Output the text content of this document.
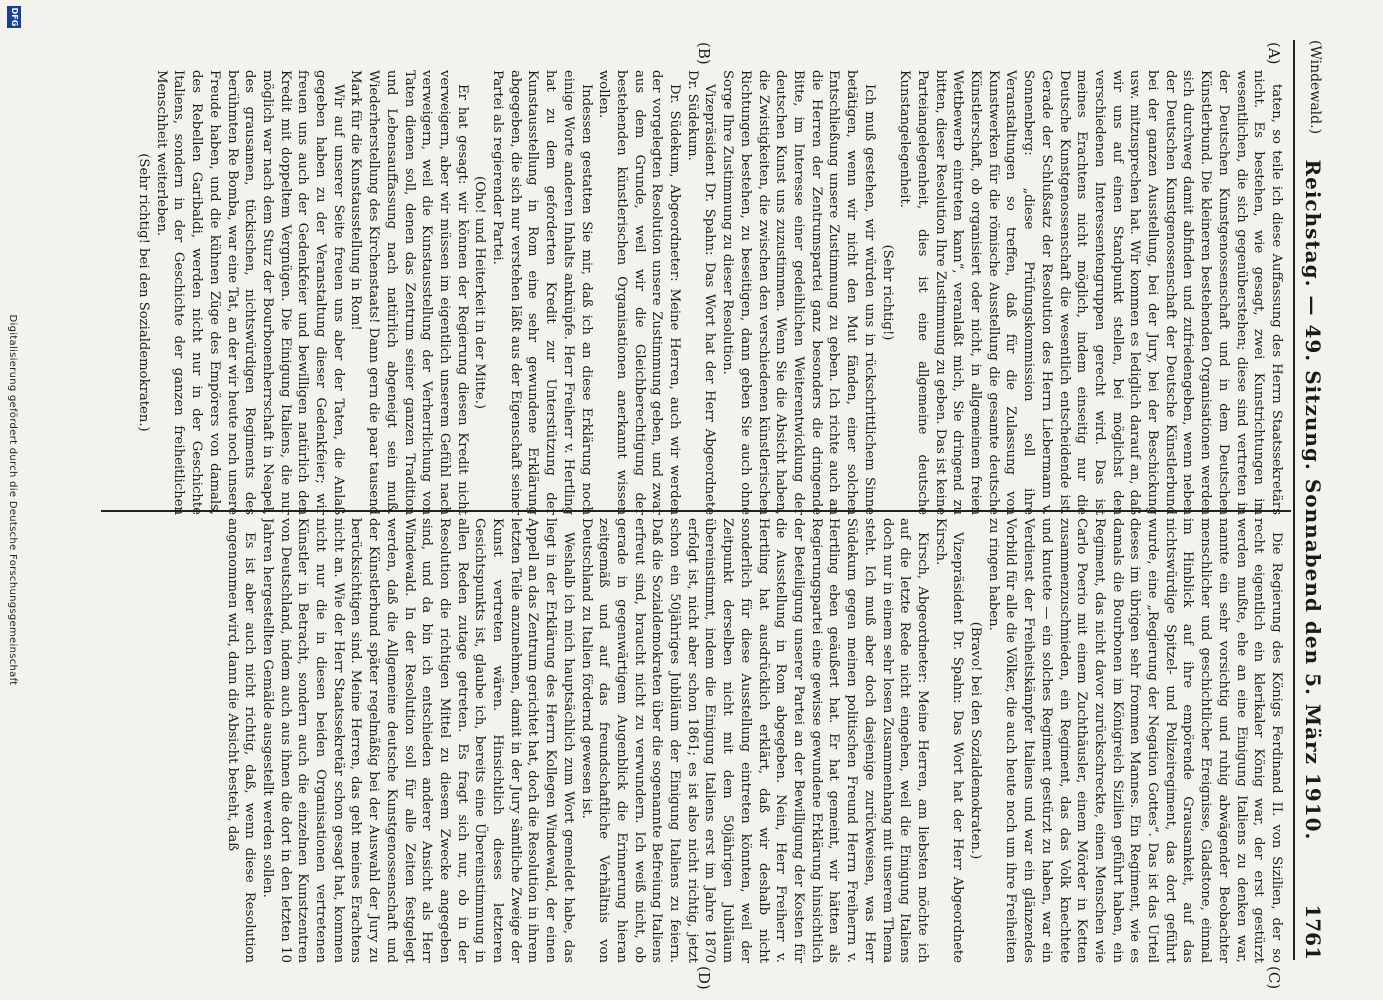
(Windewald.)
Reichstag. — 49. Sitzung. Sonnabend den 5. März 1910.
1761
(A)
(B)
(C)
(D)

taten, so teile ich diese Auffassung des Herrn Staatssekretärs nicht. Es bestehen, wie gesagt, zwei Kunstrichtungen im wesentlichen, die sich gegenüberstehen; diese sind vertreten in der Deutschen Kunstgenossenschaft und in dem Deutschen Künstlerbund. Die kleineren bestehenden Organisationen werden sich durchweg damit abfinden und zufriedengeben, wenn neben der Deutschen Kunstgenossenschaft der Deutsche Künstlerbund bei der ganzen Ausstellung, bei der Jury, bei der Beschickung usw. mitzusprechen hat. Wir kommen es lediglich darauf an, daß wir uns auf einen Standpunkt stellen, bei möglichst den verschiedenen Interessentengruppen gerecht wird. Das ist meines Erachtens nicht möglich, indem einseitig nur die Deutsche Kunstgenossenschaft die wesentlich entscheidende ist. Gerade der Schlußsatz der Resolution des Herrn Liebermann v. Sonnenberg: „diese Prüfungskommission soll ihre Veranstaltungen so treffen, daß für die Zulassung von Kunstwerken für die römische Ausstellung die gesamte deutsche Künstlerschaft, ob organisiert oder nicht, in allgemeinem freien Wettbewerb eintreten kann“, veranlaßt mich, Sie dringend zu bitten, dieser Resolution Ihre Zustimmung zu geben. Das ist keine Parteiangelegenheit, dies ist eine allgemeine deutsche Kunstangelegenheit.

(Sehr richtig!)

Ich muß gestehen, wir würden uns in rückschrittlichem Sinne betätigen, wenn wir nicht den Mut fänden, einer solchen Entschließung unsere Zustimmung zu geben. Ich richte auch an die Herren der Zentrumspartei ganz besonders die dringende Bitte, im Interesse einer gedeihlichen Weiterentwicklung der deutschen Kunst uns zuzustimmen. Wenn Sie die Absicht haben, die Zwistigkeiten, die zwischen den verschiedenen künstlerischen Richtungen bestehen, zu beseitigen, dann geben Sie auch ohne Sorge Ihre Zustimmung zu dieser Resolution.

Vizepräsident Dr. Spahn: Das Wort hat der Herr Abgeordnete Dr. Südekum.

Dr. Südekum, Abgeordneter: Meine Herren, auch wir werden der vorgelegten Resolution unsere Zustimmung geben, und zwar aus dem Grunde, weil wir die Gleichberechtigung der bestehenden künstlerischen Organisationen anerkannt wissen wollen.

Indessen gestatten Sie mir, daß ich an diese Erklärung noch einige Worte anderen Inhalts anknüpfe. Herr Freiherr v. Hertling hat zu dem geforderten Kredit zur Unterstützung der Kunstausstellung in Rom eine sehr gewundene Erklärung abgegeben, die sich nur verstehen läßt aus der Eigenschaft seiner Partei als regierender Partei.

(Oho! und Heiterkeit in der Mitte.)

Er hat gesagt: wir können der Regierung diesen Kredit nicht verweigern, aber wir müssen im eigentlich unserem Gefühl nach verweigern, weil die Kunstausstellung der Verherrlichung von Taten dienen soll, denen das Zentrum seiner ganzen Tradition und Lebensauffassung nach natürlich abgeneigt sein muß. Wiederherstellung des Kirchenstaats! Dann gern die paar tausend Mark für die Kunstausstellung in Rom!

Wir auf unserer Seite freuen uns aber der Taten, die Anlaß gegeben haben zu der Veranstaltung dieser Gedenkfeier; wir freuen uns auch der Gedenkfeier und bewilligen natürlich den Kredit mit doppeltem Vergnügen. Die Einigung Italiens, die nur möglich war nach dem Sturz der Bourbonenherrschaft in Neapel, des grausamen, tückischen, nichtswürdigen Regiments des berühmten Re Bomba, war eine Tat, an der wir heute noch unsere Freude haben, und die kühnen Züge des Empörers von damals, des Rebellen Garibaldi, werden nicht nur in der Geschichte Italiens, sondern in der Geschichte der ganzen freiheitlichen Menschheit weiterleben.

(Sehr richtig! bei den Sozialdemokraten.)

Die Regierung des Königs Ferdinand II. von Sizilien, der so recht eigentlich ein klerikaler König war, der erst gestürzt werden mußte, ehe an eine Einigung Italiens zu denken war, nannte ein sehr vorsichtig und ruhig abwägender Beobachter menschlicher und geschichtlicher Ereignisse, Gladstone, einmal im Hinblick auf ihre empörende Grausamkeit, auf das nichtswürdige Spitzel- und Polizeiregiment, das dort geführt wurde, eine „Regierung der Negation Gottes“. Das ist das Urteil dieses im übrigen sehr frommen Mannes. Ein Regiment, wie es damals die Bourbonen im Königreich Sizilien geführt haben, ein Regiment, das nicht davor zurückschreckte, einen Menschen wie Carlo Poerio mit einem Zuchthäusler, einem Mörder in Ketten zusammenzuschmieden, ein Regiment, das das Volk knechtete und knutete — ein solches Regiment gestürzt zu haben, war ein Verdienst der Freiheitskämpfer Italiens und war ein glänzendes Vorbild für alle die Völker, die auch heute noch um ihre Freiheiten zu ringen haben.

(Bravo! bei den Sozialdemokraten.)

Vizepräsident Dr. Spahn: Das Wort hat der Herr Abgeordnete Kirsch.

Kirsch, Abgeordneter: Meine Herren, am liebsten möchte ich auf die letzte Rede nicht eingehen, weil die Einigung Italiens doch nur in einem sehr losen Zusammenhang mit unserem Thema steht. Ich muß aber doch dasjenige zurückweisen, was Herr Südekum gegen meinen politischen Freund Herrn Freiherrn v. Hertling eben geäußert hat. Er hat gemeint, wir hätten als Regierungspartei eine gewisse gewundene Erklärung hinsichtlich der Beteiligung unserer Partei an der Bewilligung der Kosten für die Ausstellung in Rom abgegeben. Nein, Herr Freiherr v. Hertling hat ausdrücklich erklärt, daß wir deshalb nicht sonderlich für diese Ausstellung eintreten könnten, weil der Zeitpunkt derselben nicht mit dem 50jährigen Jubiläum übereinstimmt, indem die Einigung Italiens erst im Jahre 1870 erfolgt ist, nicht aber schon 1861; es ist also nicht richtig, jetzt schon ein 50jähriges Jubiläum der Einigung Italiens zu feiern. Daß die Sozialdemokraten über die sogenannte Befreiung Italiens erfreut sind, braucht nicht zu verwundern. Ich weiß nicht, ob gerade in gegenwärtigem Augenblick die Erinnerung hieran zeitgemäß und auf das freundschaftliche Verhältnis von Deutschland zu Italien fördernd gewesen ist.

Weshalb ich mich hauptsächlich zum Wort gemeldet habe, das liegt in der Erklärung des Herrn Kollegen Windewald, der einen Appell an das Zentrum gerichtet hat, doch die Resolution in ihrem letzten Teile anzunehmen, damit in der Jury sämtliche Zweige der Kunst vertreten wären. Hinsichtlich dieses letzteren Gesichtspunkts ist, glaube ich, bereits eine Übereinstimmung in allen Reden zutage getreten. Es fragt sich nur, ob in der Resolution die richtigen Mittel zu diesem Zwecke angegeben sind, und da bin ich entschieden anderer Ansicht als Herr Windewald. In der Resolution soll für alle Zeiten festgelegt werden, daß die Allgemeine deutsche Kunstgenossenschaft und der Künstlerbund später regelmäßig bei der Auswahl der Jury zu berücksichtigen sind. Meine Herren, das geht meines Erachtens nicht an. Wie der Herr Staatssekretär schon gesagt hat, kommen nicht nur die in diesen beiden Organisationen vertretenen Künstler in Betracht, sondern auch die einzelnen Kunstzentren von Deutschland, indem auch aus ihnen die dort in den letzten 10 Jahren hergestellten Gemälde ausgestellt werden sollen.

Es ist aber auch nicht richtig, daß, wenn diese Resolution angenommen wird, dann die Absicht besteht, daß

DFG
Digitalisierung gefördert durch die Deutsche Forschungsgemeinschaft
